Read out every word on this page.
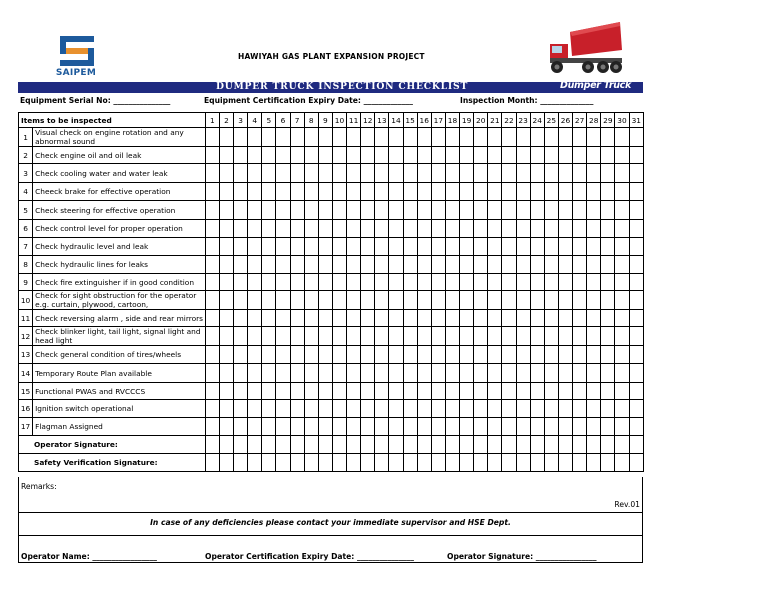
SAIPEM
HAWIYAH GAS PLANT EXPANSION PROJECT
DUMPER TRUCK INSPECTION CHECKLIST	Dumper Truck
Equipment Serial No: _______________	Equipment Certification Expiry Date: _____________	Inspection Month: ______________
Items to be inspected		1	2	3	4	5	6	7	8	9	10	11	12	13	14	15	16	17	18	19	20	21	22	23	24	25	26	27	28	29	30	31
1	Visual check on engine rotation and any abnormal sound																															
2	Check engine oil and oil leak																															
3	Check cooling water and water leak																															
4	Cheeck brake for effective operation																															
5	Check steering for effective operation																															
6	Check control level for proper operation																															
7	Check hydraulic level and leak																															
8	Check hydraulic lines for leaks																															
9	Check fire extinguisher if in good condition																															
10	Check for sight obstruction for the operator e.g. curtain, plywood, cartoon,																															
11	Check reversing alarm , side and rear mirrors																															
12	Check blinker light, tail light, signal light and head light																															
13	Check general condition of tires/wheels																															
14	Temporary Route Plan available																															
15	Functional PWAS and RVCCCS																															
16	Ignition switch operational																															
17	Flagman Assigned																															
Operator Signature:																																
Safety Verification Signature:																																
Remarks:
Rev.01
In case of any deficiencies please contact your immediate supervisor and HSE Dept.
Operator Name: _________________	Operator Certification Expiry Date: _______________	Operator Signature: ________________
